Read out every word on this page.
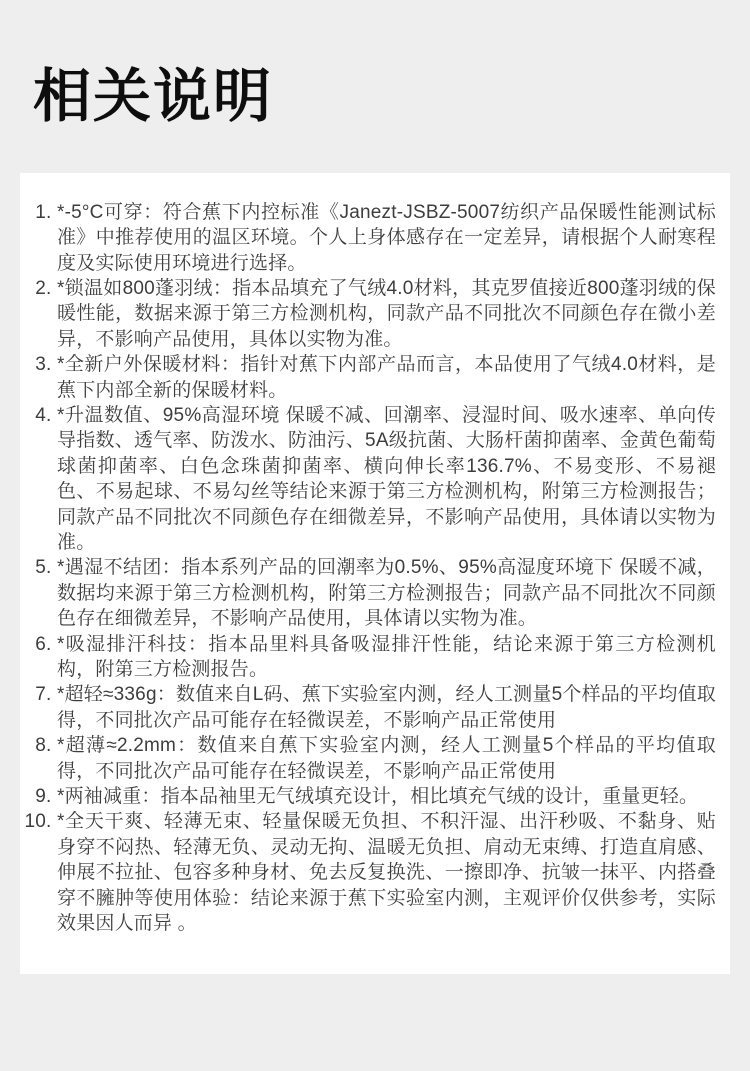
相关说明
1. *-5°C可穿：符合蕉下内控标准《Janezt-JSBZ-5007纺织产品保暖性能测试标准》中推荐使用的温区环境。个人上身体感存在一定差异，请根据个人耐寒程度及实际使用环境进行选择。
2. *锁温如800蓬羽绒：指本品填充了气绒4.0材料，其克罗值接近800蓬羽绒的保暖性能，数据来源于第三方检测机构，同款产品不同批次不同颜色存在微小差异，不影响产品使用，具体以实物为准。
3. *全新户外保暖材料：指针对蕉下内部产品而言，本品使用了气绒4.0材料，是蕉下内部全新的保暖材料。
4. *升温数值、95%高湿环境 保暖不减、回潮率、浸湿时间、吸水速率、单向传导指数、透气率、防泼水、防油污、5A级抗菌、大肠杆菌抑菌率、金黄色葡萄球菌抑菌率、白色念珠菌抑菌率、横向伸长率136.7%、不易变形、不易褪色、不易起球、不易勾丝等结论来源于第三方检测机构，附第三方检测报告；同款产品不同批次不同颜色存在细微差异，不影响产品使用，具体请以实物为准。
5. *遇湿不结团：指本系列产品的回潮率为0.5%、95%高湿度环境下 保暖不减，数据均来源于第三方检测机构，附第三方检测报告；同款产品不同批次不同颜色存在细微差异，不影响产品使用，具体请以实物为准。
6. *吸湿排汗科技：指本品里料具备吸湿排汗性能，结论来源于第三方检测机构，附第三方检测报告。
7. *超轻≈336g：数值来自L码、蕉下实验室内测，经人工测量5个样品的平均值取得，不同批次产品可能存在轻微误差，不影响产品正常使用
8. *超薄≈2.2mm：数值来自蕉下实验室内测，经人工测量5个样品的平均值取得，不同批次产品可能存在轻微误差，不影响产品正常使用
9. *两袖减重：指本品袖里无气绒填充设计，相比填充气绒的设计，重量更轻。
10. *全天干爽、轻薄无束、轻量保暖无负担、不积汗湿、出汗秒吸、不黏身、贴身穿不闷热、轻薄无负、灵动无拘、温暖无负担、肩动无束缚、打造直肩感、伸展不拉扯、包容多种身材、免去反复换洗、一擦即净、抗皱一抹平、内搭叠穿不臃肿等使用体验：结论来源于蕉下实验室内测，主观评价仅供参考，实际效果因人而异 。
